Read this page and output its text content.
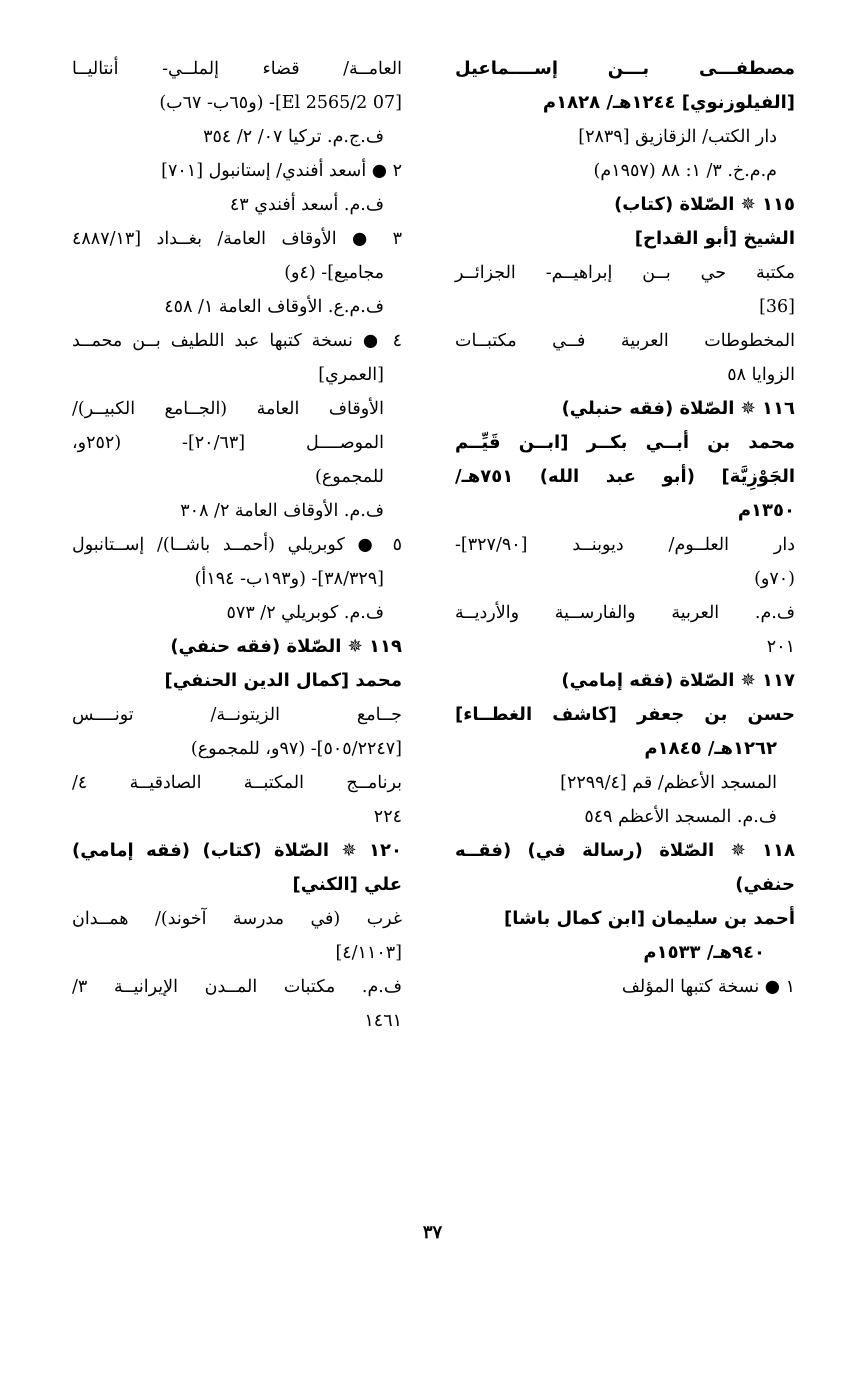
مصطفـــى بـــن إســــماعيل
[الفيلوزنوي] ١٢٤٤هـ/ ١٨٢٨م
دار الكتب/ الزقازيق [٢٨٣٩]
م.م.خ. ٣/ ١: ٨٨ (١٩٥٧م)
١١٥ ✵ الصّلاة (كتاب)
الشيخ [أبو القداح]
مكتبة حي بــن إبراهيــم- الجزائــر
[36]
المخطوطات العربية فــي مكتبــات
الزوايا ٥٨
١١٦ ✵ الصّلاة (فقه حنبلي)
محمد بن أبــي بكــر [ابــن قَيِّــم
الجَوْزِيَّة] (أبو عبد الله) ٧٥١هـ/
١٣٥٠م
دار العلــوم/ ديوبنــد [٣٢٧/٩٠]-
(٧٠و)
ف.م. العربية والفارســية والأرديــة
٢٠١
١١٧ ✵ الصّلاة (فقه إمامي)
حسن بن جعفر [كاشف الغطــاء]
١٢٦٢هـ/ ١٨٤٥م
المسجد الأعظم/ قم [٢٢٩٩/٤]
ف.م. المسجد الأعظم ٥٤٩
١١٨ ✵ الصّلاة (رسالة في) (فقــه
حنفي)
أحمد بن سليمان [ابن كمال باشا]
٩٤٠هـ/ ١٥٣٣م
١ ● نسخة كتبها المؤلف
العامــة/ قضاء إلملــي- أنتاليــا
[07 El 2565/2]- (و٦٥ب- ٦٧ب)
ف.ج.م. تركيا ٠٧/ ٢/ ٣٥٤
٢ ● أسعد أفندي/ إستانبول [٧٠١]
ف.م. أسعد أفندي ٤٣
٣ ● الأوقاف العامة/ بغــداد [٤٨٨٧/١٣
مجاميع]- (٤و)
ف.م.ع. الأوقاف العامة ١/ ٤٥٨
٤ ● نسخة كتبها عبد اللطيف بــن محمــد
[العمري]
الأوقاف العامة (الجــامع الكبيــر)/
الموصــــل [٢٠/٦٣]- (٢٥٢و،
للمجموع)
ف.م. الأوقاف العامة ٢/ ٣٠٨
٥ ● كوبريلي (أحمــد باشــا)/ إســتانبول
[٣٨/٣٢٩]- (و١٩٣ب- ١٩٤أ)
ف.م. كوبريلي ٢/ ٥٧٣
١١٩ ✵ الصّلاة (فقه حنفي)
محمد [كمال الدين الحنفي]
جــامع الزيتونــة/ تونــــس
[٥٠٥/٢٢٤٧]- (٩٧و، للمجموع)
برنامــج المكتبــة الصادقيــة ٤/
٢٢٤
١٢٠ ✵ الصّلاة (كتاب) (فقه إمامي)
علي [الكني]
غرب (في مدرسة آخوند)/ همــدان
[٤/١١٠٣]
ف.م. مكتبات المــدن الإيرانيــة ٣/
١٤٦١
٣٧
